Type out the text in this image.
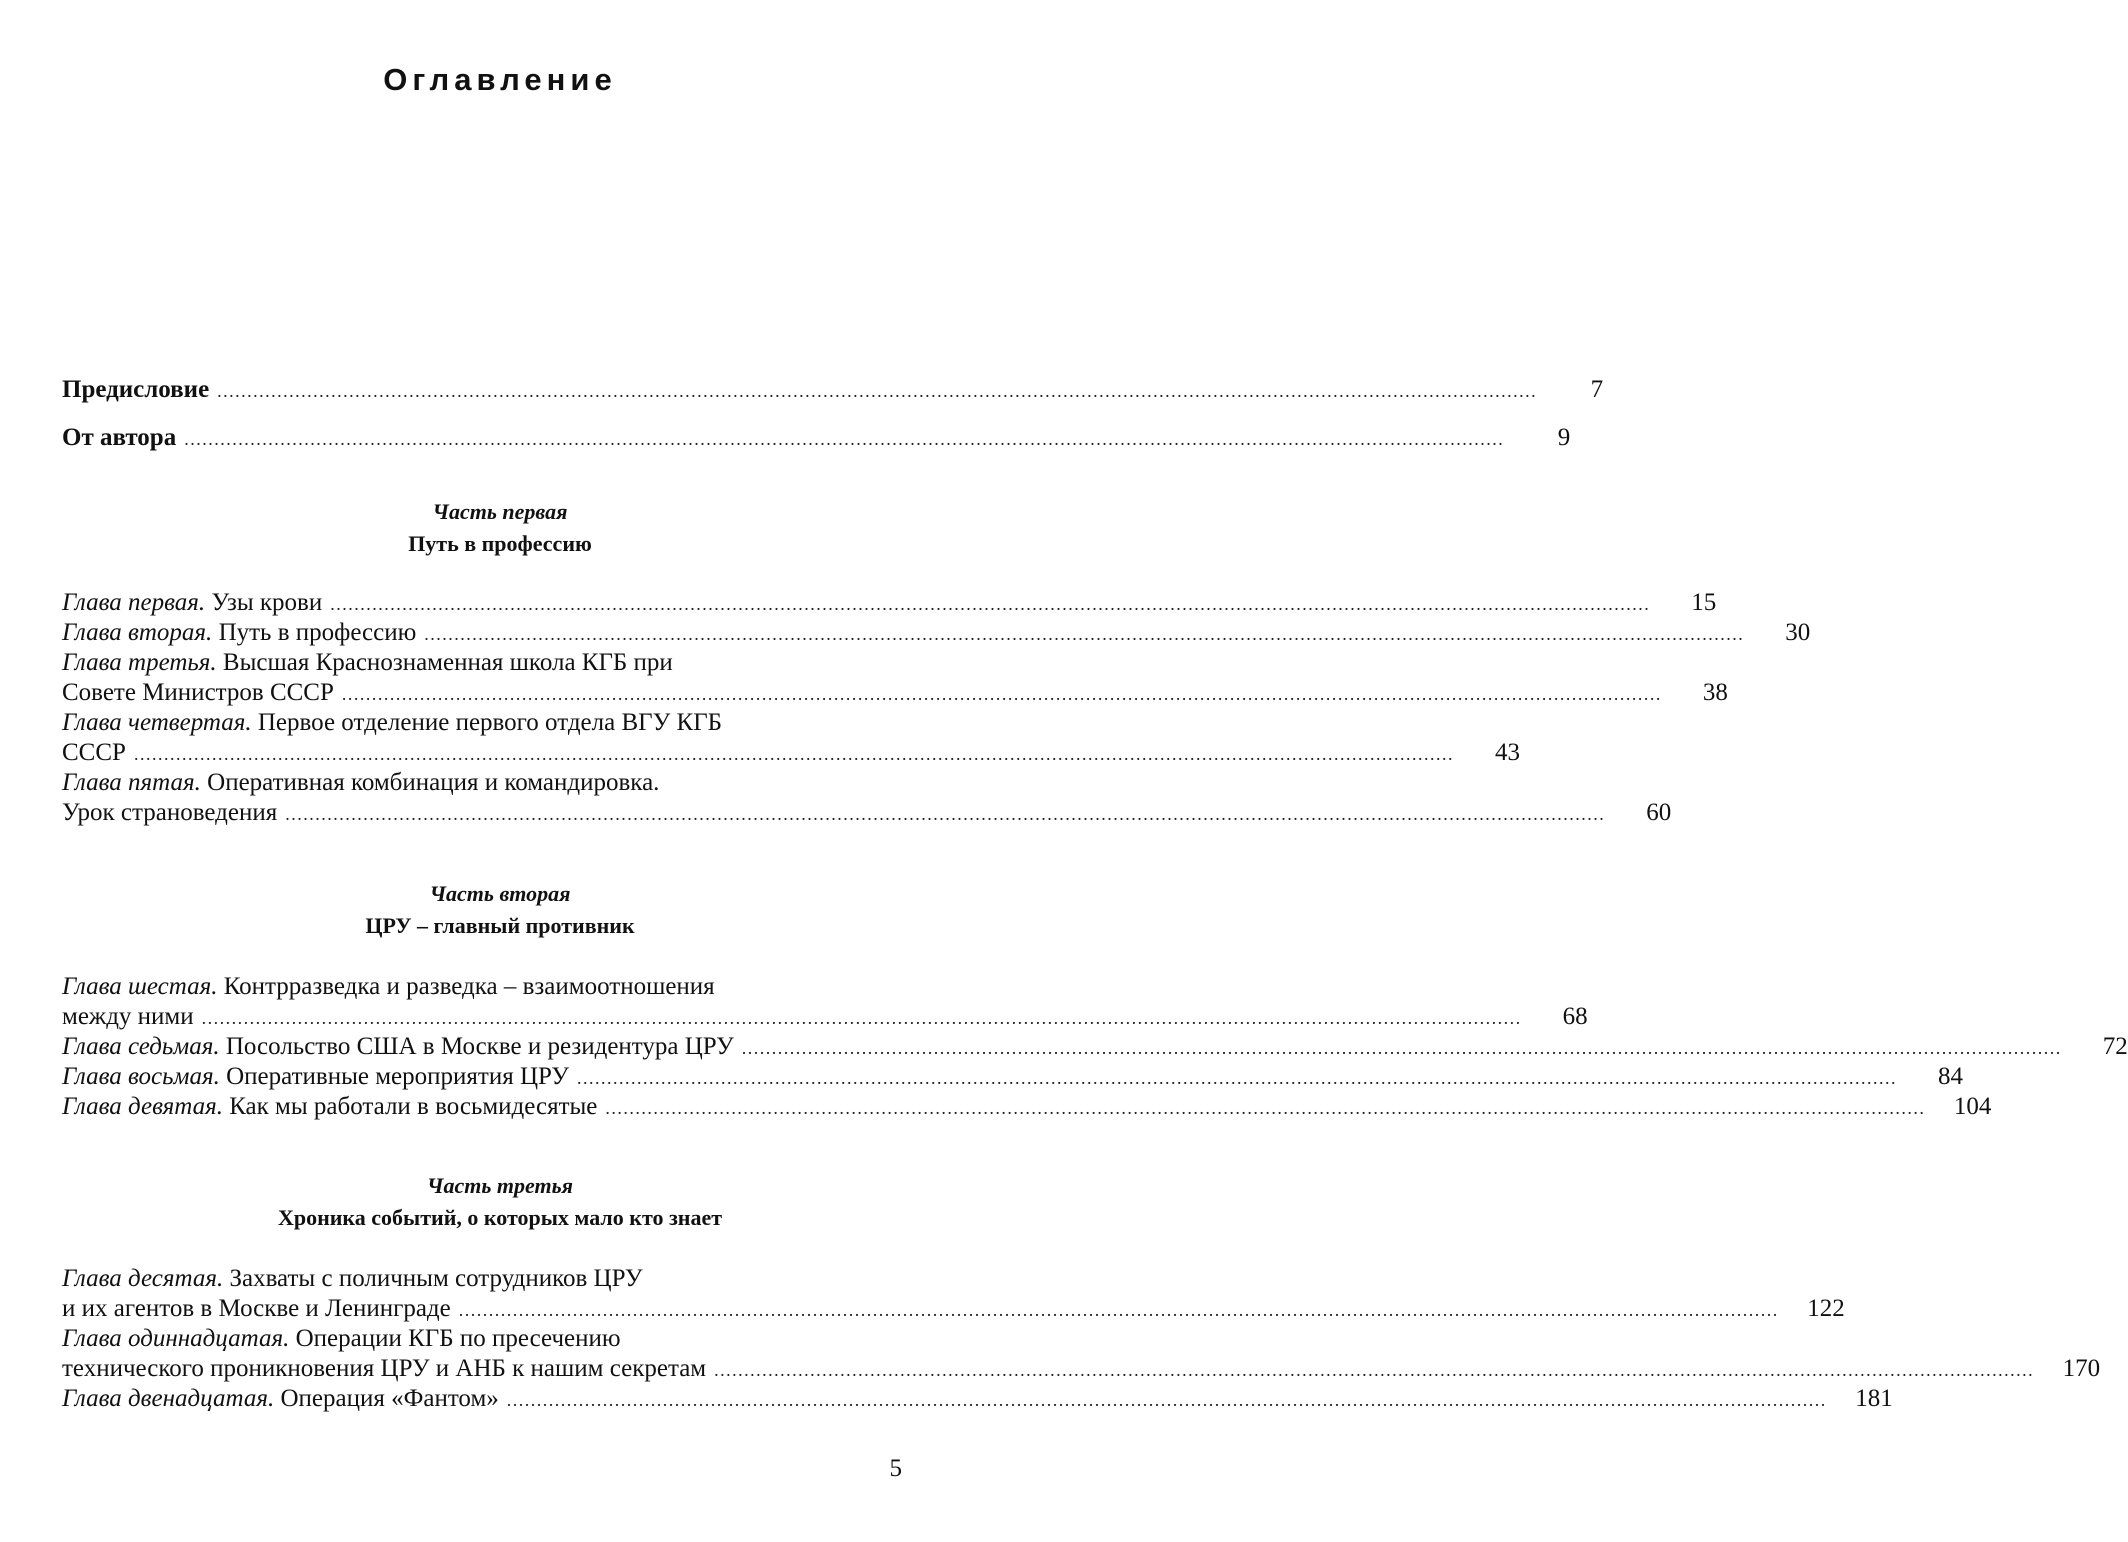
Оглавление
Предисловие ............................................................................................................................................................................................................................	7
От автора ............................................................................................................................................................................................................................	9
Часть первая
Путь в профессию
Глава первая. Узы крови ............................................................................................................................................................................................................................	15
Глава вторая. Путь в профессию ............................................................................................................................................................................................................................	30
Глава третья. Высшая Краснознаменная школа КГБ при
Совете Министров СССР ............................................................................................................................................................................................................................	38
Глава четвертая. Первое отделение первого отдела ВГУ КГБ
СССР ............................................................................................................................................................................................................................	43
Глава пятая. Оперативная комбинация и командировка.
Урок страноведения ............................................................................................................................................................................................................................	60
Часть вторая
ЦРУ – главный противник
Глава шестая. Контрразведка и разведка – взаимоотношения
между ними ............................................................................................................................................................................................................................	68
Глава седьмая. Посольство США в Москве и резидентура ЦРУ ............................................................................................................................................................................................................................	72
Глава восьмая. Оперативные мероприятия ЦРУ ............................................................................................................................................................................................................................	84
Глава девятая. Как мы работали в восьмидесятые ............................................................................................................................................................................................................................	104
Часть третья
Хроника событий, о которых мало кто знает
Глава десятая. Захваты с поличным сотрудников ЦРУ
и их агентов в Москве и Ленинграде ............................................................................................................................................................................................................................	122
Глава одиннадцатая. Операции КГБ по пресечению
технического проникновения ЦРУ и АНБ к нашим секретам ............................................................................................................................................................................................................................	170
Глава двенадцатая. Операция «Фантом» ............................................................................................................................................................................................................................	181
5
